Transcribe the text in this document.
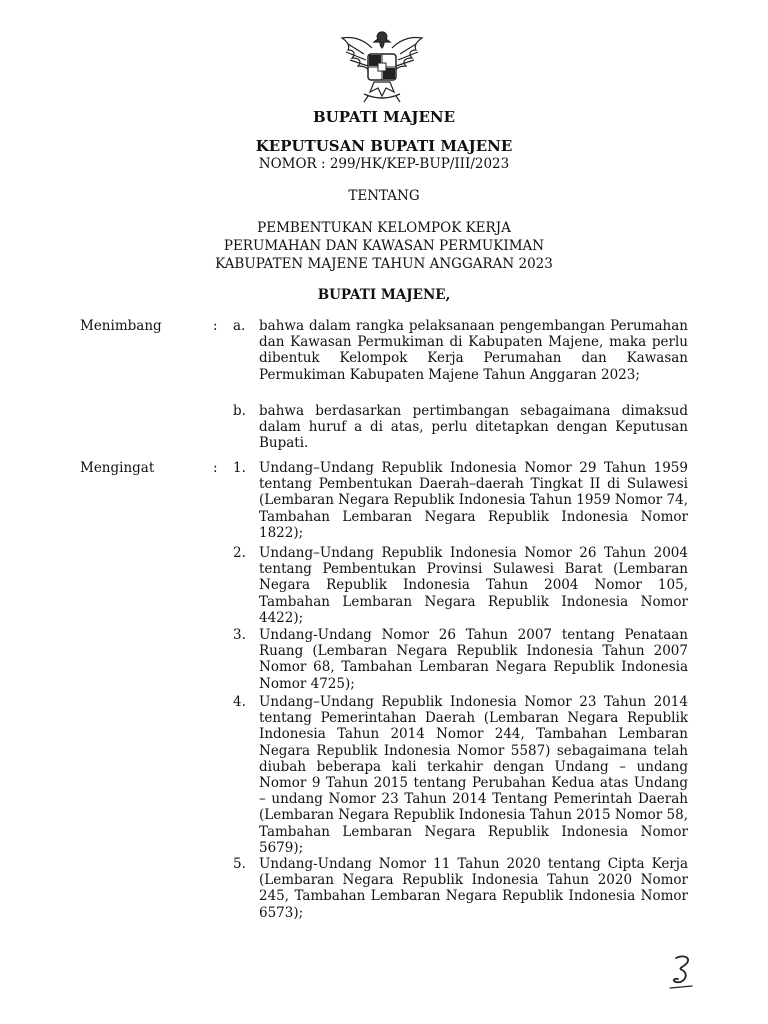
BUPATI MAJENE
KEPUTUSAN BUPATI MAJENE
NOMOR : 299/HK/KEP-BUP/III/2023
TENTANG
PEMBENTUKAN KELOMPOK KERJA
PERUMAHAN DAN KAWASAN PERMUKIMAN
KABUPATEN MAJENE TAHUN ANGGARAN 2023
BUPATI MAJENE,
Menimbang	: a. bahwa dalam rangka pelaksanaan pengembangan Perumahan dan Kawasan Permukiman di Kabupaten Majene, maka perlu dibentuk Kelompok Kerja Perumahan dan Kawasan Permukiman Kabupaten Majene Tahun Anggaran 2023;

b. bahwa berdasarkan pertimbangan sebagaimana dimaksud dalam huruf a di atas, perlu ditetapkan dengan Keputusan Bupati.

Mengingat	: 1. Undang–Undang Republik Indonesia Nomor 29 Tahun 1959 tentang Pembentukan Daerah–daerah Tingkat II di Sulawesi (Lembaran Negara Republik Indonesia Tahun 1959 Nomor 74, Tambahan Lembaran Negara Republik Indonesia Nomor 1822);

2. Undang–Undang Republik Indonesia Nomor 26 Tahun 2004 tentang Pembentukan Provinsi Sulawesi Barat (Lembaran Negara Republik Indonesia Tahun 2004 Nomor 105, Tambahan Lembaran Negara Republik Indonesia Nomor 4422);

3. Undang-Undang Nomor 26 Tahun 2007 tentang Penataan Ruang (Lembaran Negara Republik Indonesia Tahun 2007 Nomor 68, Tambahan Lembaran Negara Republik Indonesia Nomor 4725);

4. Undang–Undang Republik Indonesia Nomor 23 Tahun 2014 tentang Pemerintahan Daerah (Lembaran Negara Republik Indonesia Tahun 2014 Nomor 244, Tambahan Lembaran Negara Republik Indonesia Nomor 5587) sebagaimana telah diubah beberapa kali terkahir dengan Undang – undang Nomor 9 Tahun 2015 tentang Perubahan Kedua atas Undang – undang Nomor 23 Tahun 2014 Tentang Pemerintah Daerah (Lembaran Negara Republik Indonesia Tahun 2015 Nomor 58, Tambahan Lembaran Negara Republik Indonesia Nomor 5679);

5. Undang-Undang Nomor 11 Tahun 2020 tentang Cipta Kerja (Lembaran Negara Republik Indonesia Tahun 2020 Nomor 245, Tambahan Lembaran Negara Republik Indonesia Nomor 6573);
